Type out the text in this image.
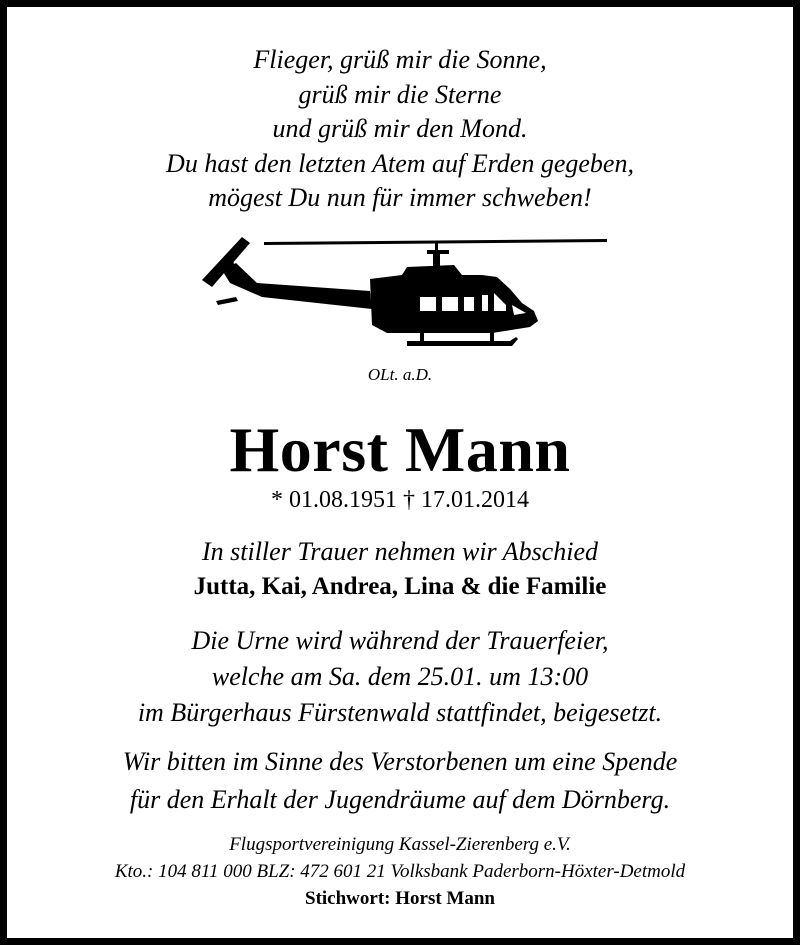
Flieger, grüß mir die Sonne,
grüß mir die Sterne
und grüß mir den Mond.
Du hast den letzten Atem auf Erden gegeben,
mögest Du nun für immer schweben!
OLt. a.D.
Horst Mann
* 01.08.1951 † 17.01.2014
In stiller Trauer nehmen wir Abschied
Jutta, Kai, Andrea, Lina & die Familie
Die Urne wird während der Trauerfeier,
welche am Sa. dem 25.01. um 13:00
im Bürgerhaus Fürstenwald stattfindet, beigesetzt.
Wir bitten im Sinne des Verstorbenen um eine Spende
für den Erhalt der Jugendräume auf dem Dörnberg.
Flugsportvereinigung Kassel-Zierenberg e.V.
Kto.: 104 811 000 BLZ: 472 601 21 Volksbank Paderborn-Höxter-Detmold
Stichwort: Horst Mann
